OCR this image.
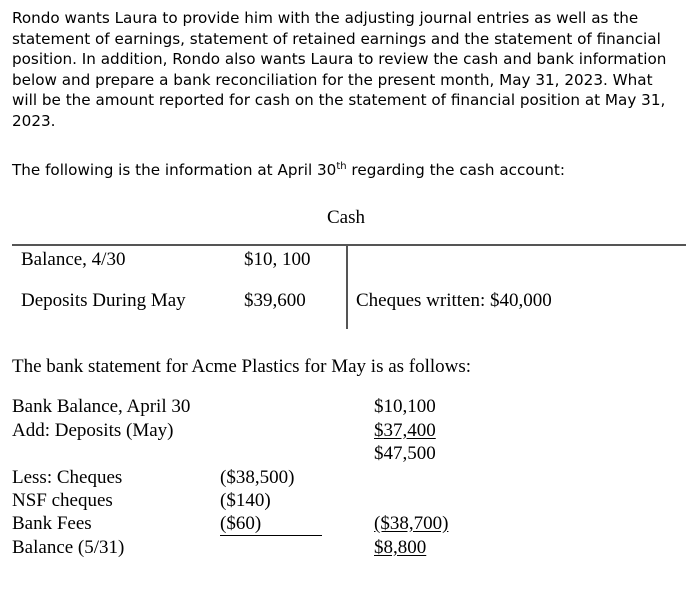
Rondo wants Laura to provide him with the adjusting journal entries as well as the
statement of earnings, statement of retained earnings and the statement of financial
position. In addition, Rondo also wants Laura to review the cash and bank information
below and prepare a bank reconciliation for the present month, May 31, 2023. What
will be the amount reported for cash on the statement of financial position at May 31,
2023.
The following is the information at April 30th regarding the cash account:
Cash
Balance, 4/30	$10, 100
Deposits During May	$39,600	Cheques written: $40,000
The bank statement for Acme Plastics for May is as follows:
Bank Balance, April 30	$10,100
Add: Deposits (May)	$37,400
$47,500
Less: Cheques	($38,500)
NSF cheques	($140)
Bank Fees	($60)	($38,700)
Balance (5/31)	$8,800
